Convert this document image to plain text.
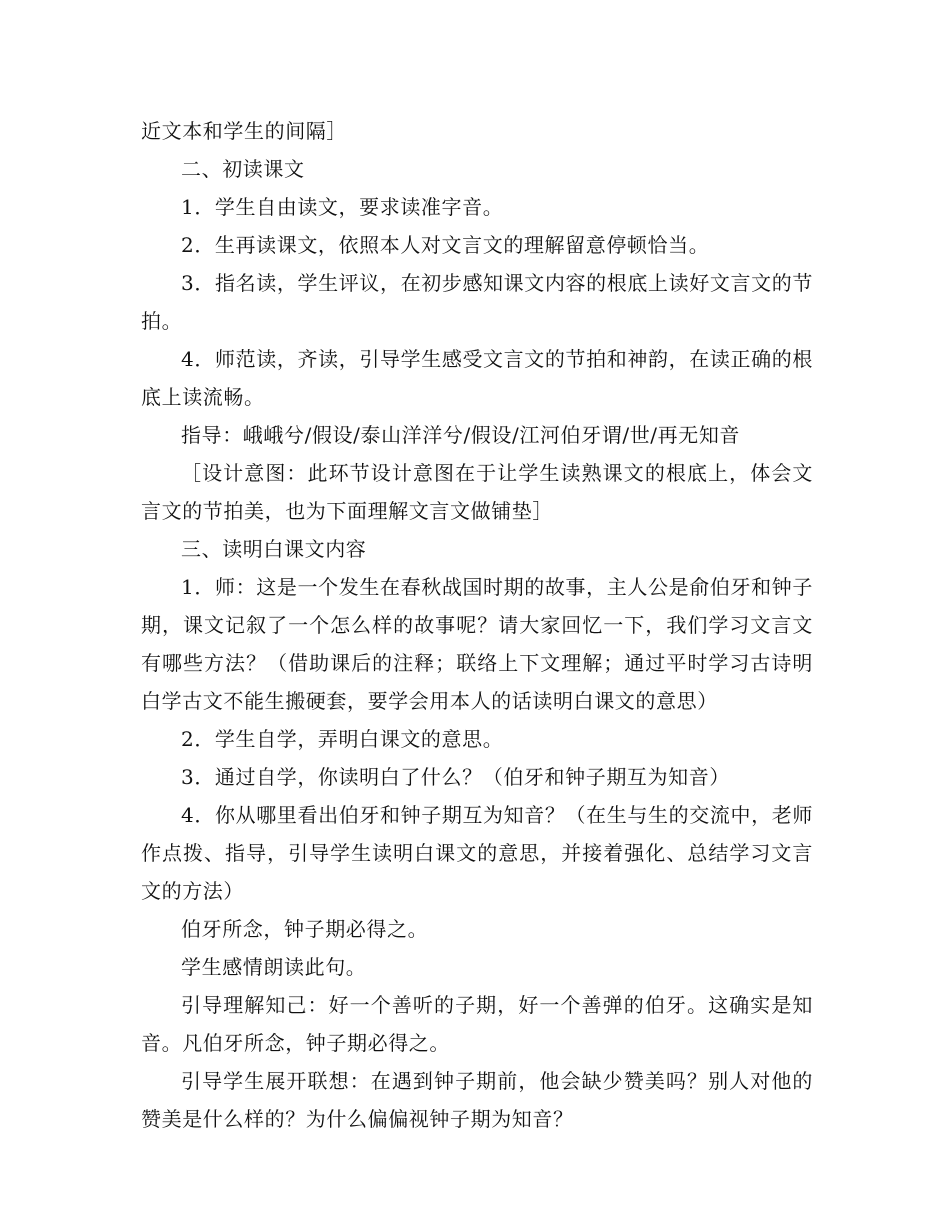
近文本和学生的间隔］

二、初读课文

1．学生自由读文，要求读准字音。

2．生再读课文，依照本人对文言文的理解留意停顿恰当。

3．指名读，学生评议，在初步感知课文内容的根底上读好文言文的节拍。

4．师范读，齐读，引导学生感受文言文的节拍和神韵，在读正确的根底上读流畅。

指导：峨峨兮/假设/泰山洋洋兮/假设/江河伯牙谓/世/再无知音

［设计意图：此环节设计意图在于让学生读熟课文的根底上，体会文言文的节拍美，也为下面理解文言文做铺垫］

三、读明白课文内容

1．师：这是一个发生在春秋战国时期的故事，主人公是俞伯牙和钟子期，课文记叙了一个怎么样的故事呢？请大家回忆一下，我们学习文言文有哪些方法？（借助课后的注释；联络上下文理解；通过平时学习古诗明白学古文不能生搬硬套，要学会用本人的话读明白课文的意思）

2．学生自学，弄明白课文的意思。

3．通过自学，你读明白了什么？（伯牙和钟子期互为知音）

4．你从哪里看出伯牙和钟子期互为知音？（在生与生的交流中，老师作点拨、指导，引导学生读明白课文的意思，并接着强化、总结学习文言文的方法）

伯牙所念，钟子期必得之。

学生感情朗读此句。

引导理解知己：好一个善听的子期，好一个善弹的伯牙。这确实是知音。凡伯牙所念，钟子期必得之。

引导学生展开联想：在遇到钟子期前，他会缺少赞美吗？别人对他的赞美是什么样的？为什么偏偏视钟子期为知音？
